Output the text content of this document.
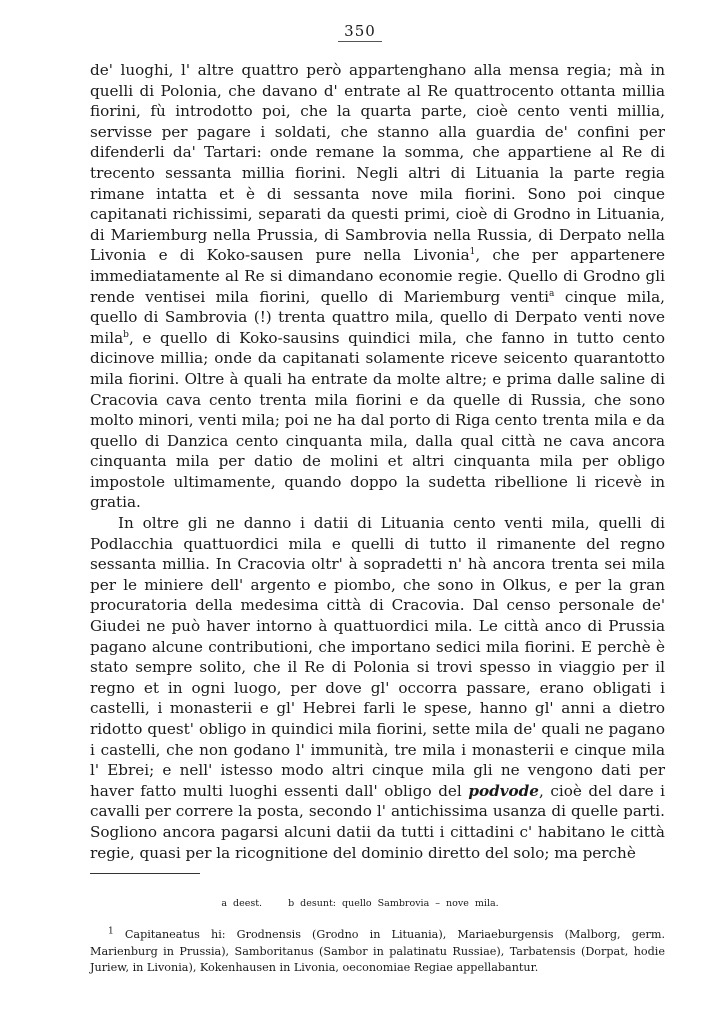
350

de' luoghi, l' altre quattro però appartenghano alla mensa regia; mà in quelli di Polonia, che davano d' entrate al Re quattrocento ottanta millia fiorini, fù introdotto poi, che la quarta parte, cioè cento venti millia, servisse per pagare i soldati, che stanno alla guardia de' confini per difenderli da' Tartari: onde remane la somma, che appartiene al Re di trecento sessanta millia fiorini. Negli altri di Lituania la parte regia rimane intatta et è di sessanta nove mila fiorini. Sono poi cinque capitanati richissimi, separati da questi primi, cioè di Grodno in Lituania, di Mariemburg nella Prussia, di Sambrovia nella Russia, di Derpato nella Livonia e di Koko-sausen pure nella Livonia$^1$, che per appartenere immediatamente al Re si dimandano economie regie. Quello di Grodno gli rende ventisei mila fiorini, quello di Mariemburg venti$^a$ cinque mila, quello di Sambrovia (!) trenta quattro mila, quello di Derpato venti nove mila$^b$, e quello di Koko-sausins quindici mila, che fanno in tutto cento dicinove millia; onde da capitanati solamente riceve seicento quarantotto mila fiorini. Oltre à quali ha entrate da molte altre; e prima dalle saline di Cracovia cava cento trenta mila fiorini e da quelle di Russia, che sono molto minori, venti mila; poi ne ha dal porto di Riga cento trenta mila e da quello di Danzica cento cinquanta mila, dalla qual città ne cava ancora cinquanta mila per datio de molini et altri cinquanta mila per obligo impostole ultimamente, quando doppo la sudetta ribellione li ricevè in gratia.

In oltre gli ne danno i datii di Lituania cento venti mila, quelli di Podlacchia quattuordici mila e quelli di tutto il rimanente del regno sessanta millia. In Cracovia oltr' à sopradetti n' hà ancora trenta sei mila per le miniere dell' argento e piombo, che sono in Olkus, e per la gran procuratoria della medesima città di Cracovia. Dal censo personale de' Giudei ne può haver intorno à quattuordici mila. Le città anco di Prussia pagano alcune contributioni, che importano sedici mila fiorini. E perchè è stato sempre solito, che il Re di Polonia si trovi spesso in viaggio per il regno et in ogni luogo, per dove gl' occorra passare, erano obligati i castelli, i monasterii e gl' Hebrei farli le spese, hanno gl' anni a dietro ridotto quest' obligo in quindici mila fiorini, sette mila de' quali ne pagano i castelli, che non godano l' immunità, tre mila i monasterii e cinque mila l' Ebrei; e nell' istesso modo altri cinque mila gli ne vengono dati per haver fatto multi luoghi essenti dall' obligo del podvode, cioè del dare i cavalli per correre la posta, secondo l' antichissima usanza di quelle parti. Sogliono ancora pagarsi alcuni datii da tutti i cittadini c' habitano le città regie, quasi per la ricognitione del dominio diretto del solo; ma perchè

a deest.	b desunt: quello Sambrovia – nove mila.

$^1$ Capitaneatus hi: Grodnensis (Grodno in Lituania), Mariaeburgensis (Malborg, germ. Marienburg in Prussia), Samboritanus (Sambor in palatinatu Russiae), Tarbatensis (Dorpat, hodie Juriew, in Livonia), Kokenhausen in Livonia, oeconomiae Regiae appellabantur.
